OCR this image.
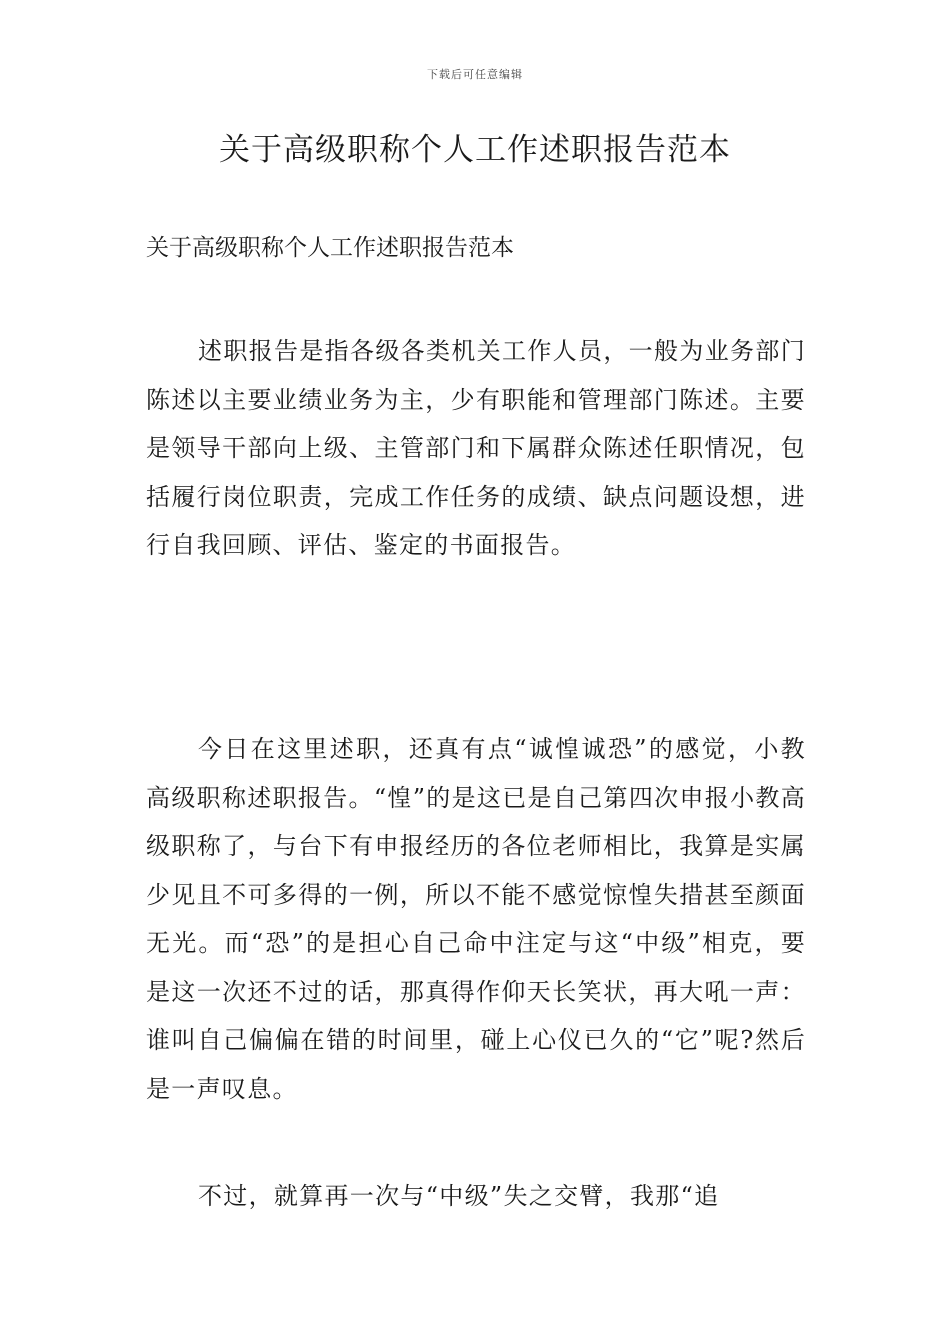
下载后可任意编辑
关于高级职称个人工作述职报告范本

关于高级职称个人工作述职报告范本

述职报告是指各级各类机关工作人员，一般为业务部门陈述以主要业绩业务为主，少有职能和管理部门陈述。主要是领导干部向上级、主管部门和下属群众陈述任职情况，包括履行岗位职责，完成工作任务的成绩、缺点问题设想，进行自我回顾、评估、鉴定的书面报告。

今日在这里述职，还真有点“诚惶诚恐”的感觉，小教高级职称述职报告。“惶”的是这已是自己第四次申报小教高级职称了，与台下有申报经历的各位老师相比，我算是实属少见且不可多得的一例，所以不能不感觉惊惶失措甚至颜面无光。而“恐”的是担心自己命中注定与这“中级”相克，要是这一次还不过的话，那真得作仰天长笑状，再大吼一声：谁叫自己偏偏在错的时间里，碰上心仪已久的“它”呢?然后是一声叹息。

不过，就算再一次与“中级”失之交臂，我那“追
